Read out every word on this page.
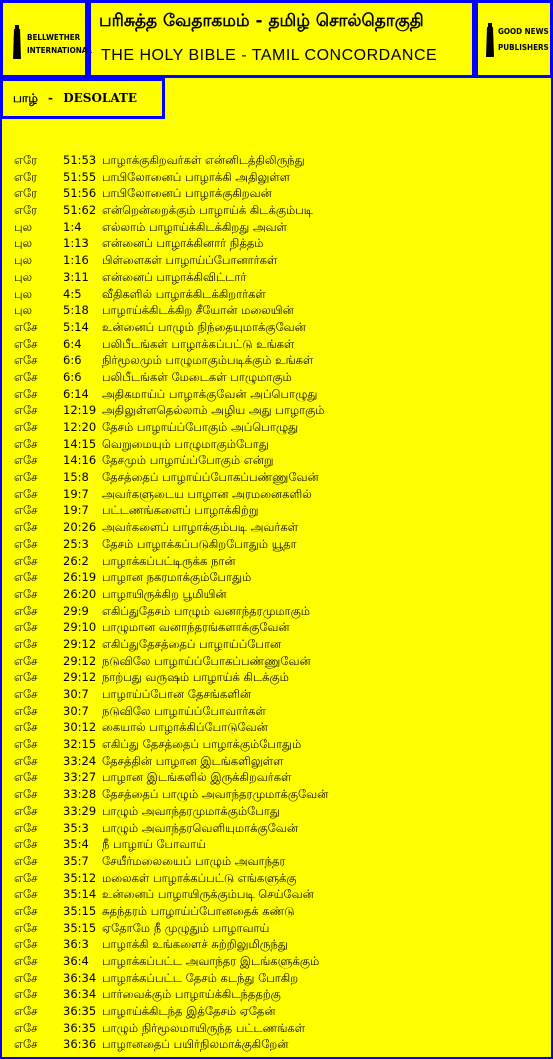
BELLWETHER
INTERNATIONAL
பரிசுத்த வேதாகமம் - தமிழ் சொல்தொகுதி
THE HOLY BIBLE - TAMIL CONCORDANCE
GOOD NEWS
PUBLISHERS
பாழ் - DESOLATE
எரே 51:53 பாழாக்குகிறவர்கள் என்னிடத்திலிருந்து
எரே 51:55 பாபிலோனைப் பாழாக்கி அதிலுள்ள
எரே 51:56 பாபிலோனைப் பாழாக்குகிறவன்
எரே 51:62 என்றென்றைக்கும் பாழாய்க் கிடக்கும்படி
புல	1:4 எல்லாம் பாழாய்க்கிடக்கிறது அவள்
புல	1:13 என்னைப் பாழாக்கினார் நித்தம்
புல	1:16 பிள்ளைகள் பாழாய்ப்போனார்கள்
புல	3:11 என்னைப் பாழாக்கிவிட்டார்
புல	4:5 வீதிகளில் பாழாக்கிடக்கிறார்கள்
புல	5:18 பாழாய்க்கிடக்கிற சீயோன் மலையின்
எசே 5:14 உன்னைப் பாழும் நிந்தையுமாக்குவேன்
எசே 6:4 பலிபீடங்கள் பாழாக்கப்பட்டு உங்கள்
எசே 6:6 நிர்மூலமும் பாழுமாகும்படிக்கும் உங்கள்
எசே 6:6 பலிபீடங்கள் மேடைகள் பாழுமாகும்
எசே 6:14 அதிகமாய்ப் பாழாக்குவேன் அப்பொழுது
எசே 12:19 அதிலுள்ளதெல்லாம் அழிய அது பாழாகும்
எசே 12:20 தேசம் பாழாய்ப்போகும் அப்பொழுது
எசே 14:15 வெறுமையும் பாழுமாகும்போது
எசே 14:16 தேசமும் பாழாய்ப்போகும் என்று
எசே 15:8 தேசத்தைப் பாழாய்ப்போகப்பண்ணுவேன்
எசே 19:7 அவர்களுடைய பாழான அரமனைகளில்
எசே 19:7 பட்டணங்களைப் பாழாக்கிற்று
எசே 20:26 அவர்களைப் பாழாக்கும்படி அவர்கள்
எசே 25:3 தேசம் பாழாக்கப்படுகிறபோதும் யூதா
எசே 26:2 பாழாக்கப்பட்டிருக்க நான்
எசே 26:19 பாழான நகரமாக்கும்போதும்
எசே 26:20 பாழாயிருக்கிற பூமியின்
எசே 29:9 எகிப்துதேசம் பாழும் வனாந்தரமுமாகும்
எசே 29:10 பாழுமான வனாந்தரங்களாக்குவேன்
எசே 29:12 எகிப்துதேசத்தைப் பாழாய்ப்போன
எசே 29:12 நடுவிலே பாழாய்ப்போகப்பண்ணுவேன்
எசே 29:12 நாற்பது வருஷம் பாழாய்க் கிடக்கும்
எசே 30:7 பாழாய்ப்போன தேசங்களின்
எசே 30:7 நடுவிலே பாழாய்ப்போவார்கள்
எசே 30:12 கையால் பாழாக்கிப்போடுவேன்
எசே 32:15 எகிப்து தேசத்தைப் பாழாக்கும்போதும்
எசே 33:24 தேசத்தின் பாழான இடங்களிலுள்ள
எசே 33:27 பாழான இடங்களில் இருக்கிறவர்கள்
எசே 33:28 தேசத்தைப் பாழும் அவாந்தரமுமாக்குவேன்
எசே 33:29 பாழும் அவாந்தரமுமாக்கும்போது
எசே 35:3 பாழும் அவாந்தரவெளியுமாக்குவேன்
எசே 35:4 நீ பாழாய் போவாய்
எசே 35:7 சேயீர்மலையைப் பாழும் அவாந்தர
எசே 35:12 மலைகள் பாழாக்கப்பட்டு எங்களுக்கு
எசே 35:14 உன்னைப் பாழாயிருக்கும்படி செய்வேன்
எசே 35:15 சுதந்தரம் பாழாய்ப்போனதைக் கண்டு
எசே 35:15 ஏதோமே நீ முழுதும் பாழாவாய்
எசே 36:3 பாழாக்கி உங்களைச் சுற்றிலுமிருந்து
எசே 36:4 பாழாக்கப்பட்ட அவாந்தர இடங்களுக்கும்
எசே 36:34 பாழாக்கப்பட்ட தேசம் கடந்து போகிற
எசே 36:34 பார்வைக்கும் பாழாய்க்கிடந்ததற்கு
எசே 36:35 பாழாய்க்கிடந்த இத்தேசம் ஏதேன்
எசே 36:35 பாழும் நிர்மூலமாயிருந்த பட்டணங்கள்
எசே 36:36 பாழானதைப் பயிர்நிலமாக்குகிறேன்
